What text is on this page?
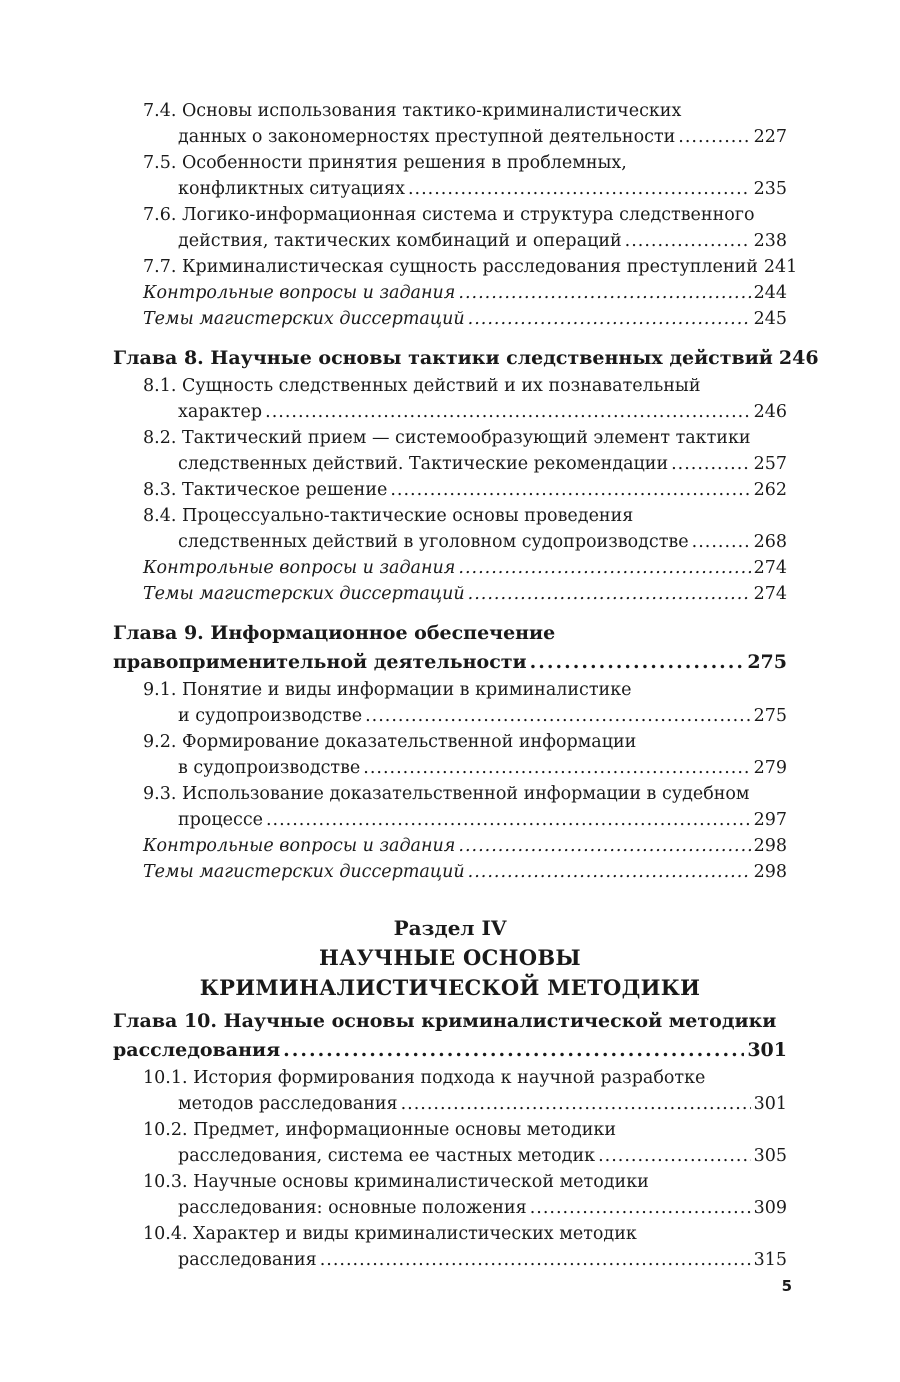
7.4. Основы использования тактико-криминалистических
данных о закономерностях преступной деятельности .....	227
7.5. Особенности принятия решения в проблемных,
конфликтных ситуациях .....	235
7.6. Логико-информационная система и структура следственного
действия, тактических комбинаций и операций .....	238
7.7. Криминалистическая сущность расследования преступлений 241
Контрольные вопросы и задания .....	244
Темы магистерских диссертаций .....	245
Глава 8. Научные основы тактики следственных действий 246
8.1. Сущность следственных действий и их познавательный
характер .....	246
8.2. Тактический прием — системообразующий элемент тактики
следственных действий. Тактические рекомендации .....	257
8.3. Тактическое решение .....	262
8.4. Процессуально-тактические основы проведения
следственных действий в уголовном судопроизводстве .....	268
Контрольные вопросы и задания .....	274
Темы магистерских диссертаций .....	274
Глава 9. Информационное обеспечение
правоприменительной деятельности .....	275
9.1. Понятие и виды информации в криминалистике
и судопроизводстве .....	275
9.2. Формирование доказательственной информации
в судопроизводстве .....	279
9.3. Использование доказательственной информации в судебном
процессе .....	297
Контрольные вопросы и задания .....	298
Темы магистерских диссертаций .....	298
Раздел IV
НАУЧНЫЕ ОСНОВЫ
КРИМИНАЛИСТИЧЕСКОЙ МЕТОДИКИ
Глава 10. Научные основы криминалистической методики
расследования .....	301
10.1. История формирования подхода к научной разработке
методов расследования .....	301
10.2. Предмет, информационные основы методики
расследования, система ее частных методик .....	305
10.3. Научные основы криминалистической методики
расследования: основные положения .....	309
10.4. Характер и виды криминалистических методик
расследования .....	315
5
